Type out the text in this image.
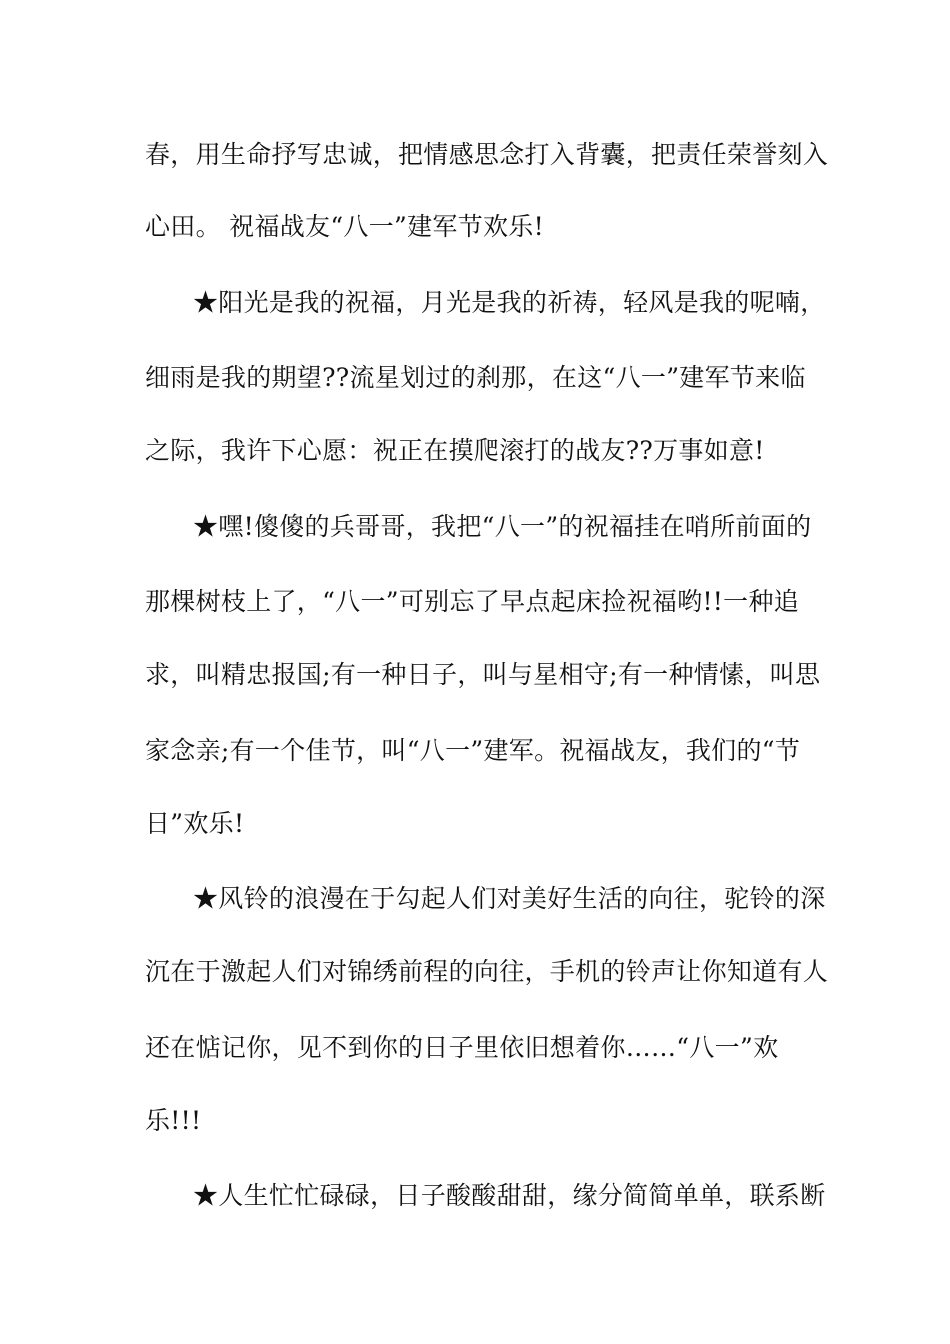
春，用生命抒写忠诚，把情感思念打入背囊，把责任荣誉刻入
心田。 祝福战友“八一”建军节欢乐!
★阳光是我的祝福，月光是我的祈祷，轻风是我的呢喃，
细雨是我的期望??流星划过的刹那，在这“八一”建军节来临
之际，我许下心愿：祝正在摸爬滚打的战友??万事如意!
★嘿!傻傻的兵哥哥，我把“八一”的祝福挂在哨所前面的
那棵树枝上了，“八一”可别忘了早点起床捡祝福哟!!一种追
求，叫精忠报国;有一种日子，叫与星相守;有一种情愫，叫思
家念亲;有一个佳节，叫“八一”建军。祝福战友，我们的“节
日”欢乐!
★风铃的浪漫在于勾起人们对美好生活的向往，驼铃的深
沉在于激起人们对锦绣前程的向往，手机的铃声让你知道有人
还在惦记你，见不到你的日子里依旧想着你……“八一”欢
乐!!!
★人生忙忙碌碌，日子酸酸甜甜，缘分简简单单，联系断
